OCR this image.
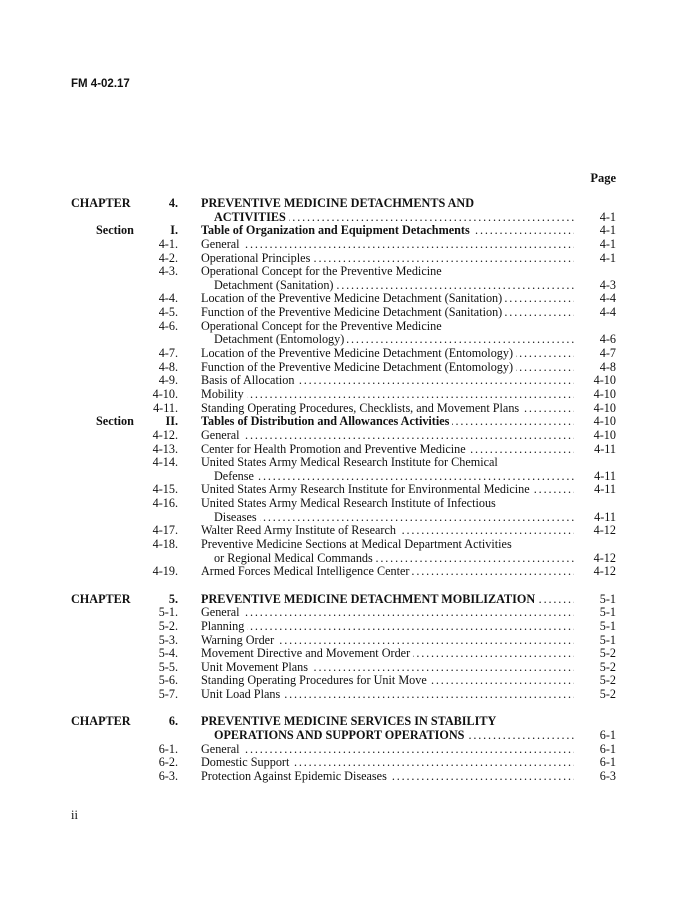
FM 4-02.17
Page
CHAPTER	4. PREVENTIVE MEDICINE DETACHMENTS AND
ACTIVITIES . . .	4-1
Section	I. Table of Organization and Equipment Detachments . . .	4-1
4-1. General . . .	4-1
4-2. Operational Principles . . .	4-1
4-3. Operational Concept for the Preventive Medicine
Detachment (Sanitation) . . .	4-3
4-4. Location of the Preventive Medicine Detachment (Sanitation) . . .	4-4
4-5. Function of the Preventive Medicine Detachment (Sanitation) . . .	4-4
4-6. Operational Concept for the Preventive Medicine
Detachment (Entomology) . . .	4-6
4-7. Location of the Preventive Medicine Detachment (Entomology) . . .	4-7
4-8. Function of the Preventive Medicine Detachment (Entomology) . . .	4-8
4-9. Basis of Allocation . . .	4-10
4-10. Mobility . . .	4-10
4-11. Standing Operating Procedures, Checklists, and Movement Plans . . .	4-10
Section	II. Tables of Distribution and Allowances Activities . . .	4-10
4-12. General . . .	4-10
4-13. Center for Health Promotion and Preventive Medicine . . .	4-11
4-14. United States Army Medical Research Institute for Chemical
Defense . . .	4-11
4-15. United States Army Research Institute for Environmental Medicine . . .	4-11
4-16. United States Army Medical Research Institute of Infectious
Diseases . . .	4-11
4-17. Walter Reed Army Institute of Research . . .	4-12
4-18. Preventive Medicine Sections at Medical Department Activities
or Regional Medical Commands . . .	4-12
4-19. Armed Forces Medical Intelligence Center . . .	4-12
CHAPTER	5. PREVENTIVE MEDICINE DETACHMENT MOBILIZATION . . .	5-1
5-1. General . . .	5-1
5-2. Planning . . .	5-1
5-3. Warning Order . . .	5-1
5-4. Movement Directive and Movement Order . . .	5-2
5-5. Unit Movement Plans . . .	5-2
5-6. Standing Operating Procedures for Unit Move . . .	5-2
5-7. Unit Load Plans . . .	5-2
CHAPTER	6. PREVENTIVE MEDICINE SERVICES IN STABILITY
OPERATIONS AND SUPPORT OPERATIONS . . .	6-1
6-1. General . . .	6-1
6-2. Domestic Support . . .	6-1
6-3. Protection Against Epidemic Diseases . . .	6-3
ii
